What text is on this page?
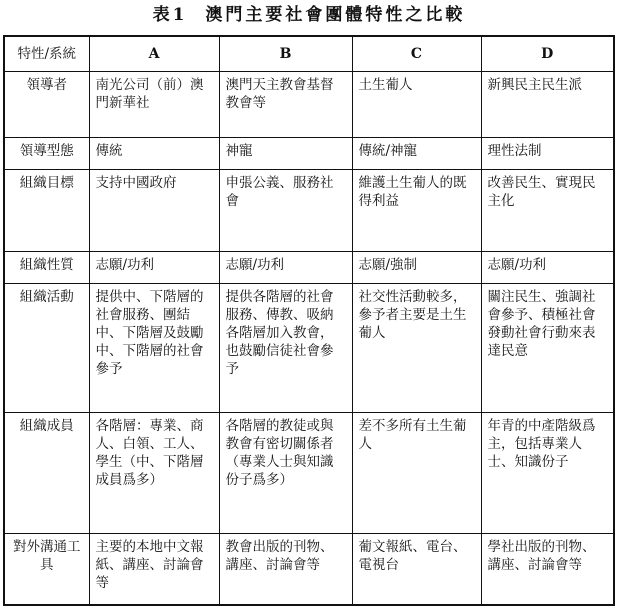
表1 澳門主要社會團體特性之比較
特性/系統	A	B	C	D
領導者	南光公司（前）澳門新華社	澳門天主教會基督教會等	土生葡人	新興民主民生派
領導型態	傳統	神寵	傳統/神寵	理性法制
組織目標	支持中國政府	申張公義、服務社會	維護土生葡人的既得利益	改善民生、實現民主化
組織性質	志願/功利	志願/功利	志願/強制	志願/功利
組織活動	提供中、下階層的社會服務、團結中、下階層及鼓勵中、下階層的社會參予	提供各階層的社會服務、傳教、吸納各階層加入教會，也鼓勵信徒社會參予	社交性活動較多，參予者主要是土生葡人	關注民生、強調社會參予、積極社會發動社會行動來表達民意
組織成員	各階層：專業、商人、白領、工人、學生（中、下階層成員爲多）	各階層的教徒或與教會有密切關係者（專業人士與知識份子爲多）	差不多所有土生葡人	年青的中產階級爲主，包括專業人士、知識份子
對外溝通工具	主要的本地中文報紙、講座、討論會等	教會出版的刊物、講座、討論會等	葡文報紙、電台、電視台	學社出版的刊物、講座、討論會等
